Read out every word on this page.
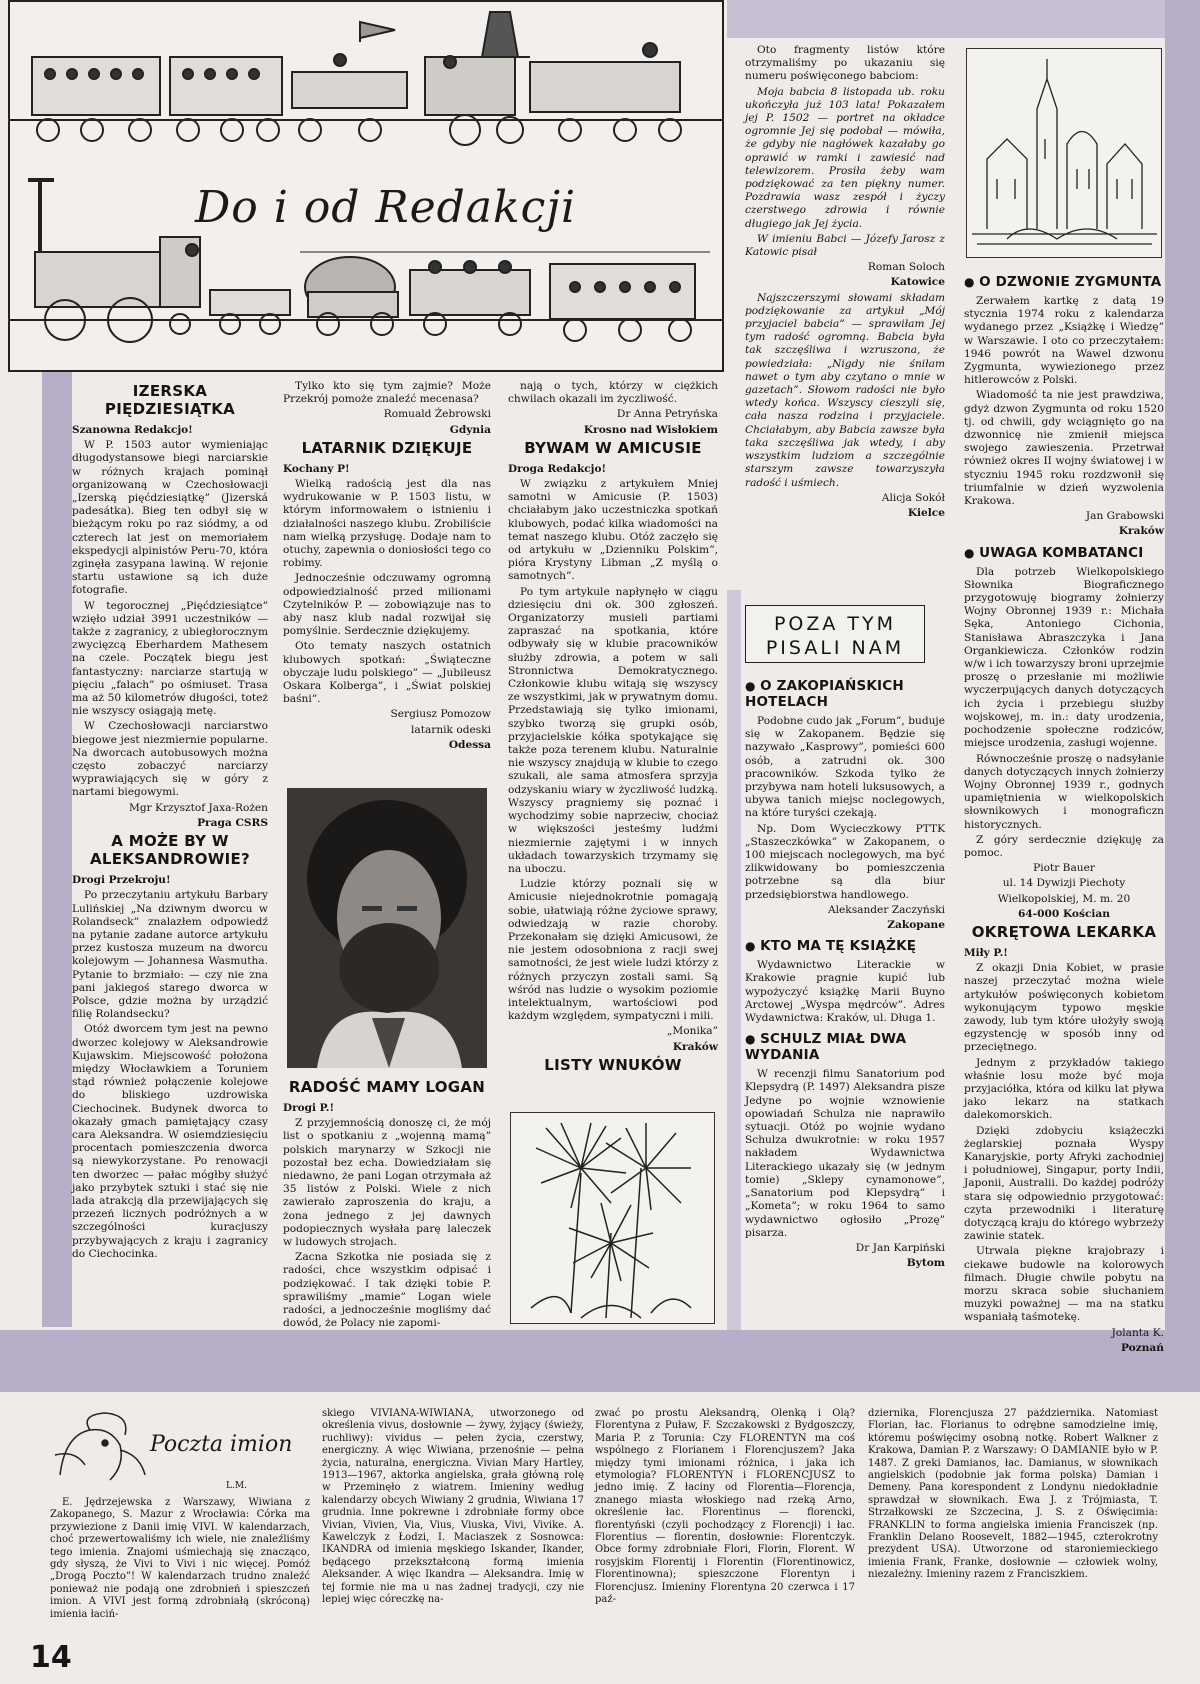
Do i od Redakcji
IZERSKA PIĘDZIESIĄTKA

Szanowna Redakcjo!

W P. 1503 autor wymieniając długodystansowe biegi narciarskie w różnych krajach pominął organizowaną w Czechosłowacji „Izerską pięćdziesiątkę” (Jizerská padesátka). Bieg ten odbył się w bieżącym roku po raz siódmy, a od czterech lat jest on memoriałem ekspedycji alpinistów Peru-70, która zginęła zasypana lawiną. W rejonie startu ustawione są ich duże fotografie.

W tegorocznej „Pięćdziesiątce” wzięło udział 3991 uczestników — także z zagranicy, z ubiegłorocznym zwycięzcą Eberhardem Mathesem na czele. Początek biegu jest fantastyczny: narciarze startują w pięciu „falach” po ośmiuset. Trasa ma aż 50 kilometrów długości, toteż nie wszyscy osiągają metę.

W Czechosłowacji narciarstwo biegowe jest niezmiernie popularne. Na dworcach autobusowych można często zobaczyć narciarzy wyprawiających się w góry z nartami biegowymi.

Mgr Krzysztof Jaxa-Rożen

Praga CSRS

A MOŻE BY W ALEKSANDROWIE?

Drogi Przekroju!

Po przeczytaniu artykułu Barbary Lulińskiej „Na dziwnym dworcu w Rolandseck” znalazłem odpowiedź na pytanie zadane autorce artykułu przez kustosza muzeum na dworcu kolejowym — Johannesa Wasmutha. Pytanie to brzmiało: — czy nie zna pani jakiegoś starego dworca w Polsce, gdzie można by urządzić filię Rolandsecku?

Otóż dworcem tym jest na pewno dworzec kolejowy w Aleksandrowie Kujawskim. Miejscowość położona między Włocławkiem a Toruniem stąd również połączenie kolejowe do bliskiego uzdrowiska Ciechocinek. Budynek dworca to okazały gmach pamiętający czasy cara Aleksandra. W osiemdziesięciu procentach pomieszczenia dworca są niewykorzystane. Po renowacji ten dworzec — pałac mógłby służyć jako przybytek sztuki i stać się nie lada atrakcją dla przewijających się przezeń licznych podróżnych a w szczególności kuracjuszy przybywających z kraju i zagranicy do Ciechocinka.

Tylko kto się tym zajmie? Może Przekrój pomoże znaleźć mecenasa?

Romuald Żebrowski

Gdynia

LATARNIK DZIĘKUJE

Kochany P!

Wielką radością jest dla nas wydrukowanie w P. 1503 listu, w którym informowałem o istnieniu i działalności naszego klubu. Zrobiliście nam wielką przysługę. Dodaje nam to otuchy, zapewnia o doniosłości tego co robimy.

Jednocześnie odczuwamy ogromną odpowiedzialność przed milionami Czytelników P. — zobowiązuje nas to aby nasz klub nadal rozwijał się pomyślnie. Serdecznie dziękujemy.

Oto tematy naszych ostatnich klubowych spotkań: „Świąteczne obyczaje ludu polskiego” — „Jubileusz Oskara Kolberga”, i „Świat polskiej baśni”.

Sergiusz Pomozow

latarnik odeski

Odessa

RADOŚĆ MAMY LOGAN

Drogi P.!

Z przyjemnością donoszę ci, że mój list o spotkaniu z „wojenną mamą” polskich marynarzy w Szkocji nie pozostał bez echa. Dowiedziałam się niedawno, że pani Logan otrzymała aż 35 listów z Polski. Wiele z nich zawierało zaproszenia do kraju, a żona jednego z jej dawnych podopiecznych wysłała parę laleczek w ludowych strojach.

Zacna Szkotka nie posiada się z radości, chce wszystkim odpisać i podziękować. I tak dzięki tobie P. sprawiliśmy „mamie” Logan wiele radości, a jednocześnie mogliśmy dać dowód, że Polacy nie zapomi-

nają o tych, którzy w ciężkich chwilach okazali im życzliwość.

Dr Anna Petryńska

Krosno nad Wisłokiem

BYWAM W AMICUSIE

Droga Redakcjo!

W związku z artykułem Mniej samotni w Amicusie (P. 1503) chciałabym jako uczestniczka spotkań klubowych, podać kilka wiadomości na temat naszego klubu. Otóż zaczęło się od artykułu w „Dzienniku Polskim”, pióra Krystyny Libman „Z myślą o samotnych”.

Po tym artykule napłynęło w ciągu dziesięciu dni ok. 300 zgłoszeń. Organizatorzy musieli partiami zapraszać na spotkania, które odbywały się w klubie pracowników służby zdrowia, a potem w sali Stronnictwa Demokratycznego. Członkowie klubu witają się wszyscy ze wszystkimi, jak w prywatnym domu. Przedstawiają się tylko imionami, szybko tworzą się grupki osób, przyjacielskie kółka spotykające się także poza terenem klubu. Naturalnie nie wszyscy znajdują w klubie to czego szukali, ale sama atmosfera sprzyja odzyskaniu wiary w życzliwość ludzką. Wszyscy pragniemy się poznać i wychodzimy sobie naprzeciw, chociaż w większości jesteśmy ludźmi niezmiernie zajętymi i w innych układach towarzyskich trzymamy się na uboczu.

Ludzie którzy poznali się w Amicusie niejednokrotnie pomagają sobie, ułatwiają różne życiowe sprawy, odwiedzają w razie choroby. Przekonałam się dzięki Amicusowi, że nie jestem odosobniona z racji swej samotności, że jest wiele ludzi którzy z różnych przyczyn zostali sami. Są wśród nas ludzie o wysokim poziomie intelektualnym, wartościowi pod każdym względem, sympatyczni i mili.

„Monika”

Kraków

LISTY WNUKÓW

Oto fragmenty listów które otrzymaliśmy po ukazaniu się numeru poświęconego babciom:

Moja babcia 8 listopada ub. roku ukończyła już 103 lata! Pokazałem jej P. 1502 — portret na okładce ogromnie Jej się podobał — mówiła, że gdyby nie nagłówek kazałaby go oprawić w ramki i zawiesić nad telewizorem. Prosiła żeby wam podziękować za ten piękny numer. Pozdrawia wasz zespół i życzy czerstwego zdrowia i równie długiego jak Jej życia.

W imieniu Babci — Józefy Jarosz z Katowic pisał

Roman Soloch

Katowice

Najszczerszymi słowami składam podziękowanie za artykuł „Mój przyjaciel babcia” — sprawiłam Jej tym radość ogromną. Babcia była tak szczęśliwa i wzruszona, że powiedziała: „Nigdy nie śniłam nawet o tym aby czytano o mnie w gazetach”. Słowom radości nie było wtedy końca. Wszyscy cieszyli się, cała nasza rodzina i przyjaciele. Chciałabym, aby Babcia zawsze była taka szczęśliwa jak wtedy, i aby wszystkim ludziom a szczególnie starszym zawsze towarzyszyła radość i uśmiech.

Alicja Sokół

Kielce

POZA TYM PISALI NAM
● O ZAKOPIAŃSKICH HOTELACH

Podobne cudo jak „Forum”, buduje się w Zakopanem. Będzie się nazywało „Kasprowy”, pomieści 600 osób, a zatrudni ok. 300 pracowników. Szkoda tylko że przybywa nam hoteli luksusowych, a ubywa tanich miejsc noclegowych, na które turyści czekają.

Np. Dom Wycieczkowy PTTK „Staszeczkówka” w Zakopanem, o 100 miejscach noclegowych, ma być zlikwidowany bo pomieszczenia potrzebne są dla biur przedsiębiorstwa handlowego.

Aleksander Zaczyński

Zakopane

● KTO MA TĘ KSIĄŻKĘ

Wydawnictwo Literackie w Krakowie pragnie kupić lub wypożyczyć książkę Marii Buyno Arctowej „Wyspa mędrców”. Adres Wydawnictwa: Kraków, ul. Długa 1.

● SCHULZ MIAŁ DWA WYDANIA

W recenzji filmu Sanatorium pod Klepsydrą (P. 1497) Aleksandra pisze Jedyne po wojnie wznowienie opowiadań Schulza nie naprawiło sytuacji. Otóż po wojnie wydano Schulza dwukrotnie: w roku 1957 nakładem Wydawnictwa Literackiego ukazały się (w jednym tomie) „Sklepy cynamonowe”, „Sanatorium pod Klepsydrą” i „Kometa”; w roku 1964 to samo wydawnictwo ogłosiło „Prozę” pisarza.

Dr Jan Karpiński

Bytom

● O DZWONIE ZYGMUNTA

Zerwałem kartkę z datą 19 stycznia 1974 roku z kalendarza wydanego przez „Książkę i Wiedzę” w Warszawie. I oto co przeczytałem: 1946 powrót na Wawel dzwonu Zygmunta, wywiezionego przez hitlerowców z Polski.

Wiadomość ta nie jest prawdziwa, gdyż dzwon Zygmunta od roku 1520 tj. od chwili, gdy wciągnięto go na dzwonnicę nie zmienił miejsca swojego zawieszenia. Przetrwał również okres II wojny światowej i w styczniu 1945 roku rozdzwonił się triumfalnie w dzień wyzwolenia Krakowa.

Jan Grabowski

Kraków

● UWAGA KOMBATANCI

Dla potrzeb Wielkopolskiego Słownika Biograficznego przygotowuję biogramy żołnierzy Wojny Obronnej 1939 r.: Michała Sęka, Antoniego Cichonia, Stanisława Abraszczyka i Jana Organkiewicza. Członków rodzin w/w i ich towarzyszy broni uprzejmie proszę o przesłanie mi możliwie wyczerpujących danych dotyczących ich życia i przebiegu służby wojskowej, m. in.: daty urodzenia, pochodzenie społeczne rodziców, miejsce urodzenia, zasługi wojenne.

Równocześnie proszę o nadsyłanie danych dotyczących innych żołnierzy Wojny Obronnej 1939 r., godnych upamiętnienia w wielkopolskich słownikowych i monograficzn historycznych.

Z góry serdecznie dziękuję za pomoc.

Piotr Bauer

ul. 14 Dywizji Piechoty

Wielkopolskiej, M. m. 20

64-000 Kościan

OKRĘTOWA LEKARKA

Miły P.!

Z okazji Dnia Kobiet, w prasie naszej przeczytać można wiele artykułów poświęconych kobietom wykonującym typowo męskie zawody, lub tym które ułożyły swoją egzystencję w sposób inny od przeciętnego.

Jednym z przykładów takiego właśnie losu może być moja przyjaciółka, która od kilku lat pływa jako lekarz na statkach dalekomorskich.

Dzięki zdobyciu książeczki żeglarskiej poznała Wyspy Kanaryjskie, porty Afryki zachodniej i południowej, Singapur, porty Indii, Japonii, Australii. Do każdej podróży stara się odpowiednio przygotować: czyta przewodniki i literaturę dotyczącą kraju do którego wybrzeży zawinie statek.

Utrwala piękne krajobrazy i ciekawe budowle na kolorowych filmach. Długie chwile pobytu na morzu skraca sobie słuchaniem muzyki poważnej — ma na statku wspaniałą taśmotekę.

Jolanta K.

Poznań

Poczta imion
L.M.

E. Jędrzejewska z Warszawy, Wiwiana z Zakopanego, S. Mazur z Wrocławia: Córka ma przywiezione z Danii imię VIVI. W kalendarzach, choć przewertowaliśmy ich wiele, nie znaleźliśmy tego imienia. Znajomi uśmiechają się znacząco, gdy słyszą, że Vivi to Vivi i nic więcej. Pomóż „Drogą Poczto”! W kalendarzach trudno znaleźć ponieważ nie podają one zdrobnień i spieszczeń imion. A VIVI jest formą zdrobniałą (skróconą) imienia łaciń-

skiego VIVIANA-WIWIANA, utworzonego od określenia vivus, dosłownie — żywy, żyjący (świeży, ruchliwy): vividus — pełen życia, czerstwy, energiczny. A więc Wiwiana, przenośnie — pełna życia, naturalna, energiczna. Vivian Mary Hartley, 1913—1967, aktorka angielska, grała główną rolę w Przeminęło z wiatrem. Imieniny według kalendarzy obcych Wiwiany 2 grudnia, Wiwiana 17 grudnia. Inne pokrewne i zdrobniałe formy obce Vivian, Vivien, Via, Vius, Viuska, Vivi, Vivike. A. Kawelczyk z Łodzi, I. Maciaszek z Sosnowca: IKANDRA od imienia męskiego Iskander, Ikander, będącego przekształconą formą imienia Aleksander. A więc Ikandra — Aleksandra. Imię w tej formie nie ma u nas żadnej tradycji, czy nie lepiej więc córeczkę na-

zwać po prostu Aleksandrą, Olenką i Olą? Florentyna z Puław, F. Szczakowski z Bydgoszczy, Maria P. z Torunia: Czy FLORENTYN ma coś wspólnego z Florianem i Florencjuszem? Jaka między tymi imionami różnica, i jaka ich etymologia? FLORENTYN i FLORENCJUSZ to jedno imię. Z łaciny od Florentia—Florencja, znanego miasta włoskiego nad rzeką Arno, określenie łac. Florentinus — florencki, florentyński (czyli pochodzący z Florencji) i łac. Florentius — florentin, dosłownie: Florentczyk. Obce formy zdrobniałe Flori, Florin, Florent. W rosyjskim Florentij i Florentin (Florentinowicz, Florentinowna); spieszczone Florentyn i Florencjusz. Imieniny Florentyna 20 czerwca i 17 paź-

dziernika, Florencjusza 27 października. Natomiast Florian, łac. Florianus to odrębne samodzielne imię, któremu poświęcimy osobną notkę. Robert Walkner z Krakowa, Damian P. z Warszawy: O DAMIANIE było w P. 1487. Z greki Damianos, łac. Damianus, w słownikach angielskich (podobnie jak forma polska) Damian i Demeny. Pana korespondent z Londynu niedokładnie sprawdzał w słownikach. Ewa J. z Trójmiasta, T. Strzałkowski ze Szczecina, J. S. z Oświęcimia: FRANKLIN to forma angielska imienia Franciszek (np. Franklin Delano Roosevelt, 1882—1945, czterokrotny prezydent USA). Utworzone od staroniemieckiego imienia Frank, Franke, dosłownie — człowiek wolny, niezależny. Imieniny razem z Franciszkiem.

14
